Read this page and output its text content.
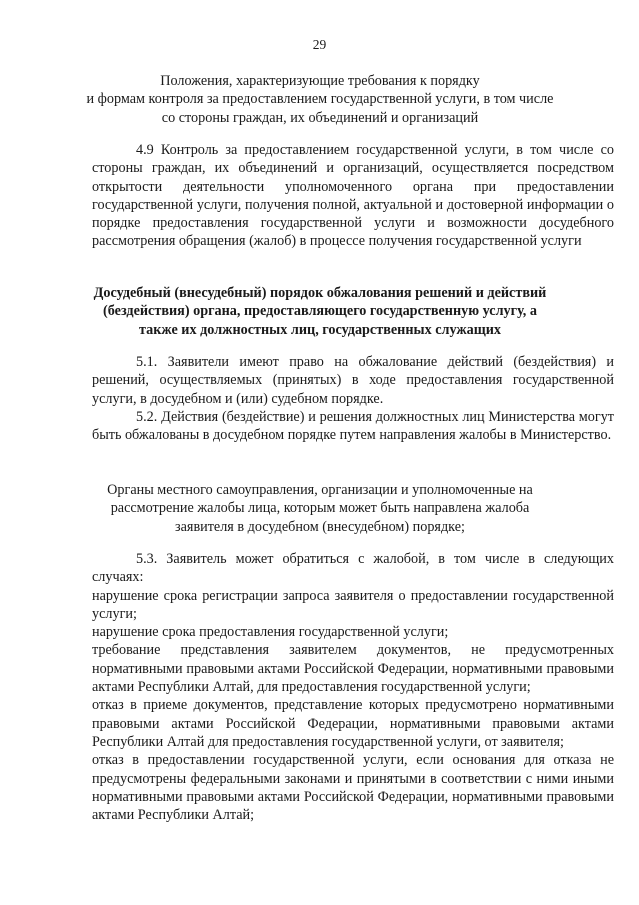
29
Положения, характеризующие требования к порядку
и формам контроля за предоставлением государственной услуги, в том числе
со стороны граждан, их объединений и организаций

4.9 Контроль за предоставлением государственной услуги, в том числе со стороны граждан, их объединений и организаций, осуществляется посредством открытости деятельности уполномоченного органа при предоставлении государственной услуги, получения полной, актуальной и достоверной информации о порядке предоставления государственной услуги и возможности досудебного рассмотрения обращения (жалоб) в процессе получения государственной услуги

Досудебный (внесудебный) порядок обжалования решений и действий
(бездействия) органа, предоставляющего государственную услугу, а
также их должностных лиц, государственных служащих

5.1. Заявители имеют право на обжалование действий (бездействия) и решений, осуществляемых (принятых) в ходе предоставления государственной услуги, в досудебном и (или) судебном порядке.

5.2. Действия (бездействие) и решения должностных лиц Министерства могут быть обжалованы в досудебном порядке путем направления жалобы в Министерство.

Органы местного самоуправления, организации и уполномоченные на
рассмотрение жалобы лица, которым может быть направлена жалоба
заявителя в досудебном (внесудебном) порядке;

5.3. Заявитель может обратиться с жалобой, в том числе в следующих случаях:

нарушение срока регистрации запроса заявителя о предоставлении государственной услуги;

нарушение срока предоставления государственной услуги;

требование представления заявителем документов, не предусмотренных нормативными правовыми актами Российской Федерации, нормативными правовыми актами Республики Алтай, для предоставления государственной услуги;

отказ в приеме документов, представление которых предусмотрено нормативными правовыми актами Российской Федерации, нормативными правовыми актами Республики Алтай для предоставления государственной услуги, от заявителя;

отказ в предоставлении государственной услуги, если основания для отказа не предусмотрены федеральными законами и принятыми в соответствии с ними иными нормативными правовыми актами Российской Федерации, нормативными правовыми актами Республики Алтай;
